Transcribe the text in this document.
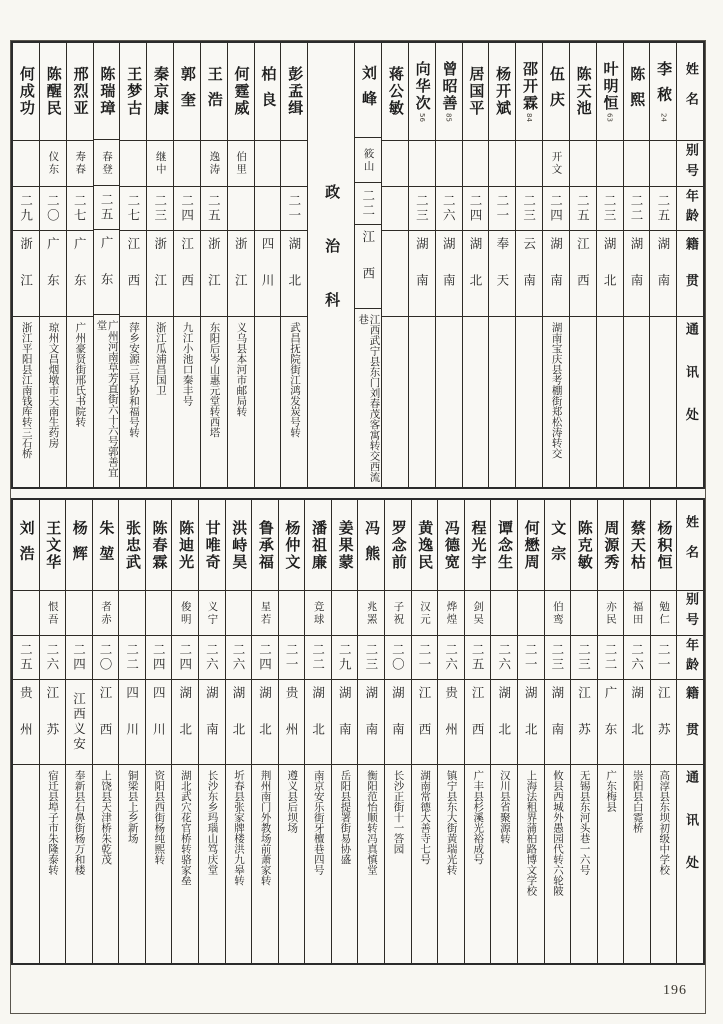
姓名
别号
年龄
籍贯
通讯处
李秾
24
二五
湖南
陈熙
二二
湖南
叶明恒
63
二三
湖北
陈天池
二五
江西
伍庆
开文
二四
湖南
湖南宝庆县考棚街郑松涛转交
邵开霖
84
二三
云南
杨开斌
二一
奉天
居国平
二四
湖北
曾昭善
85
二六
湖南
向华次
56
二三
湖南
蒋公敏
刘峰
筱山
二二
江西
江西武宁县东门刘春茂客寓转交西流巷
政治科
彭孟缉
二一
湖北
武昌抚院街江鸿发炭号转
柏良
四川
何霆威
伯里
浙江
义乌县本河市邮局转
王浩
逸涛
二五
浙江
东阳后岑山惠元堂转西塔
郭奎
二四
江西
九江小池口秦丰号
秦京康
继中
二三
浙江
浙江瓜浦昌国卫
王梦古
二七
江西
萍乡安源三号协和福号转
陈瑞璋
春登
二五
广东
广州河南草芳直街六十六号郭善宜堂
邢烈亚
寿春
二七
广东
广州豪贤街邢氏书院转
陈醒民
仪东
二〇
广东
琼州文昌烟墩市天南生药房
何成功
二九
浙江
浙江平阳县江南钱库转三石桥
姓名
别号
年龄
籍贯
通讯处
杨积恒
勉仁
二一
江苏
高淳县东坝初级中学校
蔡天枯
福田
二六
湖北
崇阳县白霓桥
周源秀
亦民
二二
广东
广东梅县
陈克敏
二三
江苏
无锡县东河头巷一六号
文宗
伯鸾
二三
湖南
攸县西城外愚园代转六轮陂
何懋周
二一
湖北
上海法租界蒲柏路博文学校
谭念生
二六
湖北
汉川县省聚源转
程光宇
剑吴
二五
江西
广丰县杉溪光裕成号
冯德宽
烨煌
二六
贵州
镇宁县东大街黄瑞光转
黄逸民
汉元
二一
江西
湖南常德大善寺七号
罗念前
子祝
二〇
湖南
长沙正街十一答园
冯熊
兆罴
二三
湖南
衡阳范怡顺转冯真慎堂
姜果蒙
二九
湖南
岳阳县提署街易协盛
潘祖廉
竞球
二二
湖北
南京安乐街牙檀巷四号
杨仲文
二一
贵州
遵义县后坝场
鲁承福
星若
二四
湖北
荆州南门外教场前萧家转
洪峙昊
二六
湖北
圻春县张家牌楼洪九皋转
甘唯奇
义宁
二六
湖南
长沙东乡玛瑙山笃庆堂
陈迪光
俊明
二四
湖北
湖北武穴花官桥转骆家垒
陈春霖
二四
四川
资阳县西街杨纯熙转
张忠武
二二
四川
铜梁县上乡新场
朱堃
者赤
二〇
江西
上饶县天津桥朱乾茂
杨辉
二四
江西义安
奉新县石鼻街杨万和楼
王文华
恨吾
二六
江苏
宿迁县埠子市朱隆泰转
刘浩
二五
贵州
196
